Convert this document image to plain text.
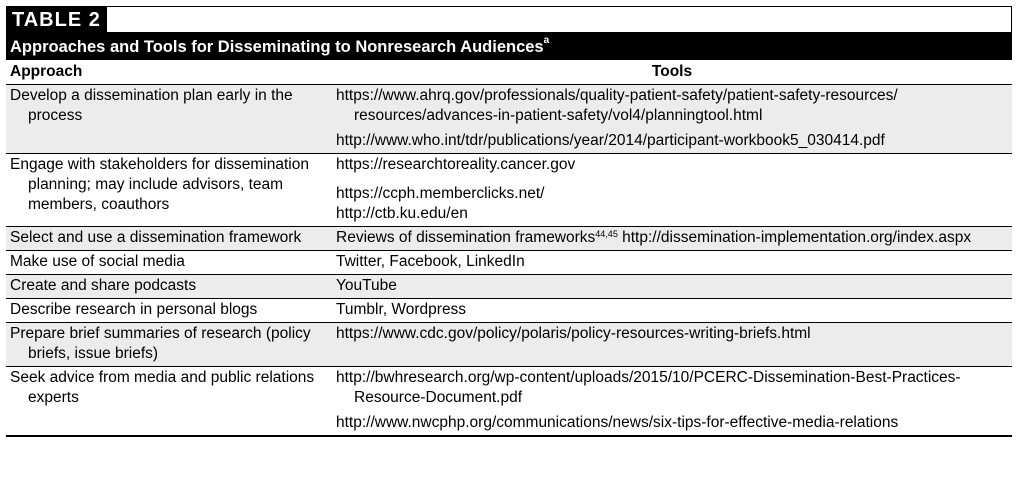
TABLE 2
Approaches and Tools for Disseminating to Nonresearch Audiences$^a$
Approach	Tools

Develop a dissemination plan early in the process	https://www.ahrq.gov/professionals/quality-patient-safety/patient-safety-resources/ resources/advances-in-patient-safety/vol4/planningtool.html
http://www.who.int/tdr/publications/year/2014/participant-workbook5_030414.pdf

Engage with stakeholders for dissemination planning; may include advisors, team members, coauthors	https://researchtoreality.cancer.gov
https://ccph.memberclicks.net/
http://ctb.ku.edu/en

Select and use a dissemination framework	Reviews of dissemination frameworks$^{44,45}$ http://dissemination-implementation.org/index.aspx

Make use of social media	Twitter, Facebook, LinkedIn

Create and share podcasts	YouTube

Describe research in personal blogs	Tumblr, Wordpress

Prepare brief summaries of research (policy briefs, issue briefs)	https://www.cdc.gov/policy/polaris/policy-resources-writing-briefs.html

Seek advice from media and public relations experts	http://bwhresearch.org/wp-content/uploads/2015/10/PCERC-Dissemination-Best-Practices- Resource-Document.pdf
http://www.nwcphp.org/communications/news/six-tips-for-effective-media-relations
